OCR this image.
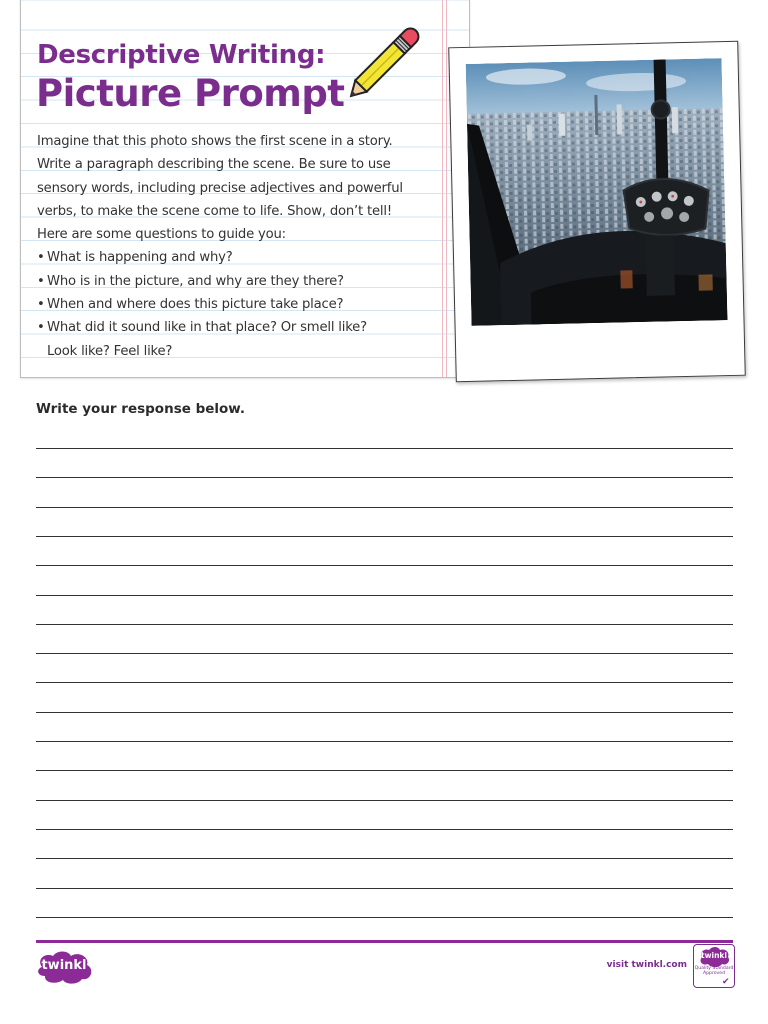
Descriptive Writing:
Picture Prompt

Imagine that this photo shows the first scene in a story.

Write a paragraph describing the scene. Be sure to use

sensory words, including precise adjectives and powerful

verbs, to make the scene come to life. Show, don’t tell!

Here are some questions to guide you:

• What is happening and why?
• Who is in the picture, and why are they there?
• When and where does this picture take place?
• What did it sound like in that place? Or smell like?
Look like? Feel like?

Write your response below.

twinkl	visit twinkl.com
twinkl
Quality Standard Approved
✔
